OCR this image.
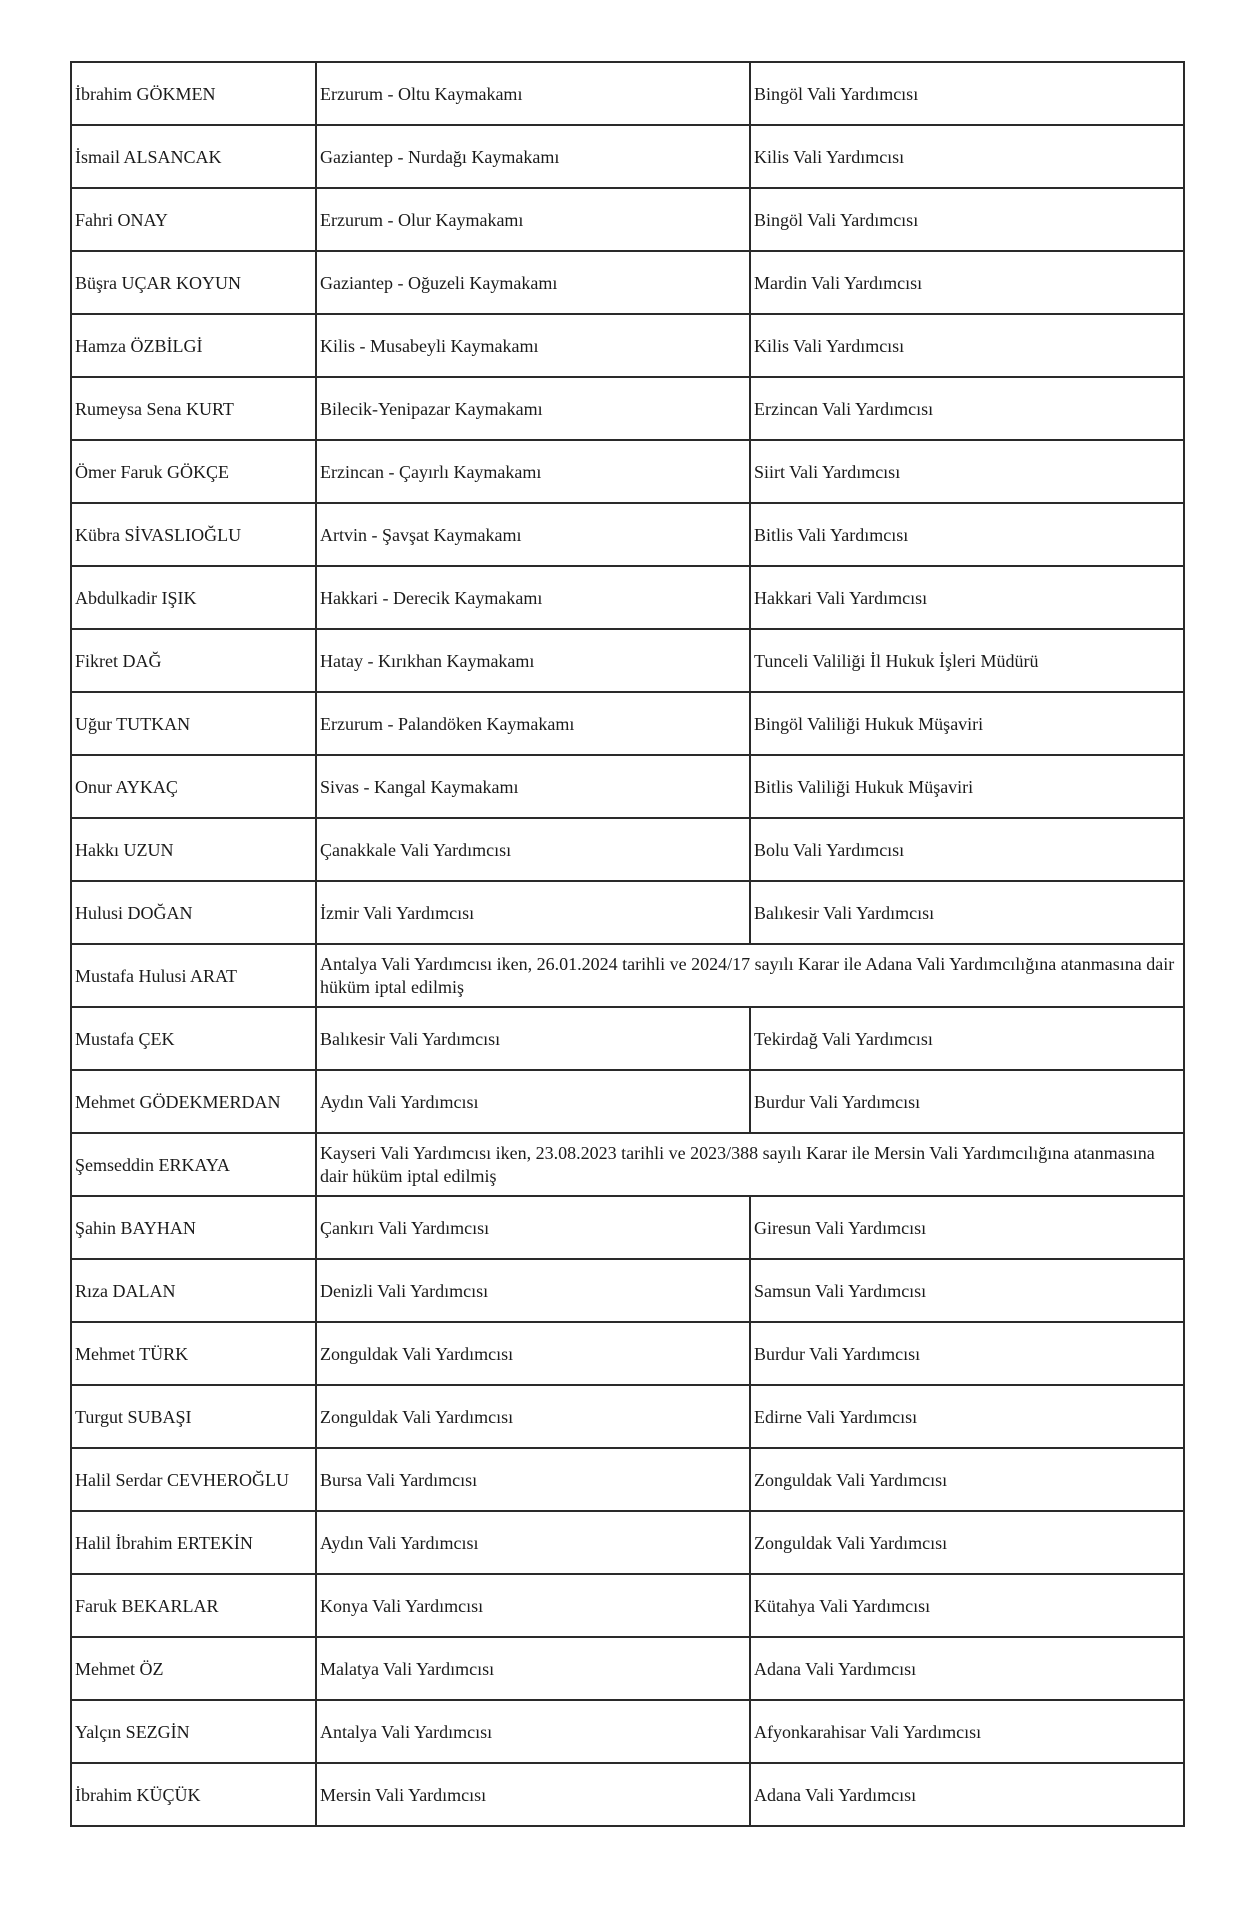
İbrahim GÖKMEN	Erzurum - Oltu Kaymakamı	Bingöl Vali Yardımcısı
İsmail ALSANCAK	Gaziantep - Nurdağı Kaymakamı	Kilis Vali Yardımcısı
Fahri ONAY	Erzurum - Olur Kaymakamı	Bingöl Vali Yardımcısı
Büşra UÇAR KOYUN	Gaziantep - Oğuzeli Kaymakamı	Mardin Vali Yardımcısı
Hamza ÖZBİLGİ	Kilis - Musabeyli Kaymakamı	Kilis Vali Yardımcısı
Rumeysa Sena KURT	Bilecik-Yenipazar Kaymakamı	Erzincan Vali Yardımcısı
Ömer Faruk GÖKÇE	Erzincan - Çayırlı Kaymakamı	Siirt Vali Yardımcısı
Kübra SİVASLIOĞLU	Artvin - Şavşat Kaymakamı	Bitlis Vali Yardımcısı
Abdulkadir IŞIK	Hakkari - Derecik Kaymakamı	Hakkari Vali Yardımcısı
Fikret DAĞ	Hatay - Kırıkhan Kaymakamı	Tunceli Valiliği İl Hukuk İşleri Müdürü
Uğur TUTKAN	Erzurum - Palandöken Kaymakamı	Bingöl Valiliği Hukuk Müşaviri
Onur AYKAÇ	Sivas - Kangal Kaymakamı	Bitlis Valiliği Hukuk Müşaviri
Hakkı UZUN	Çanakkale Vali Yardımcısı	Bolu Vali Yardımcısı
Hulusi DOĞAN	İzmir Vali Yardımcısı	Balıkesir Vali Yardımcısı
Mustafa Hulusi ARAT	Antalya Vali Yardımcısı iken, 26.01.2024 tarihli ve 2024/17 sayılı Karar ile Adana Vali Yardımcılığına atanmasına dair hüküm iptal edilmiş	
Mustafa ÇEK	Balıkesir Vali Yardımcısı	Tekirdağ Vali Yardımcısı
Mehmet GÖDEKMERDAN	Aydın Vali Yardımcısı	Burdur Vali Yardımcısı
Şemseddin ERKAYA	Kayseri Vali Yardımcısı iken, 23.08.2023 tarihli ve 2023/388 sayılı Karar ile Mersin Vali Yardımcılığına atanmasına dair hüküm iptal edilmiş	
Şahin BAYHAN	Çankırı Vali Yardımcısı	Giresun Vali Yardımcısı
Rıza DALAN	Denizli Vali Yardımcısı	Samsun Vali Yardımcısı
Mehmet TÜRK	Zonguldak Vali Yardımcısı	Burdur Vali Yardımcısı
Turgut SUBAŞI	Zonguldak Vali Yardımcısı	Edirne Vali Yardımcısı
Halil Serdar CEVHEROĞLU	Bursa Vali Yardımcısı	Zonguldak Vali Yardımcısı
Halil İbrahim ERTEKİN	Aydın Vali Yardımcısı	Zonguldak Vali Yardımcısı
Faruk BEKARLAR	Konya Vali Yardımcısı	Kütahya Vali Yardımcısı
Mehmet ÖZ	Malatya Vali Yardımcısı	Adana Vali Yardımcısı
Yalçın SEZGİN	Antalya Vali Yardımcısı	Afyonkarahisar Vali Yardımcısı
İbrahim KÜÇÜK	Mersin Vali Yardımcısı	Adana Vali Yardımcısı
